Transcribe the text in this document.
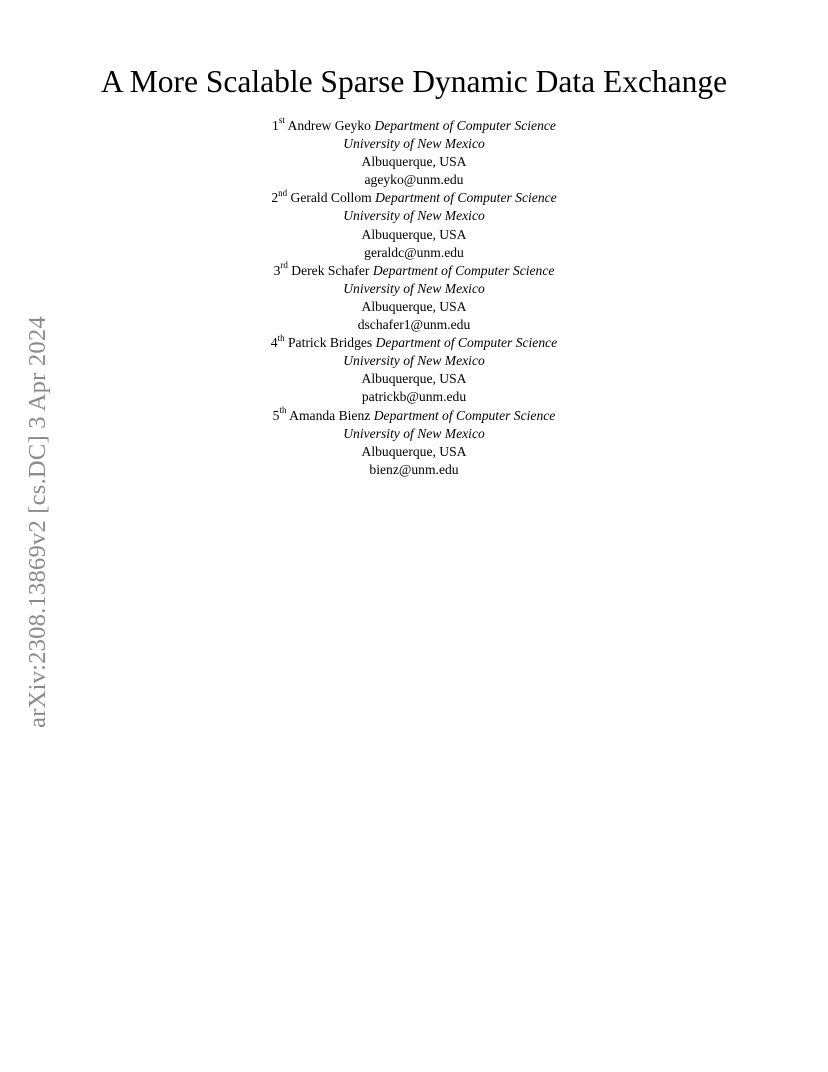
A More Scalable Sparse Dynamic Data Exchange
1st Andrew Geyko Department of Computer Science
University of New Mexico
Albuquerque, USA
ageyko@unm.edu
2nd Gerald Collom Department of Computer Science
University of New Mexico
Albuquerque, USA
geraldc@unm.edu
3rd Derek Schafer Department of Computer Science
University of New Mexico
Albuquerque, USA
dschafer1@unm.edu
4th Patrick Bridges Department of Computer Science
University of New Mexico
Albuquerque, USA
patrickb@unm.edu
5th Amanda Bienz Department of Computer Science
University of New Mexico
Albuquerque, USA
bienz@unm.edu
arXiv:2308.13869v2 [cs.DC] 3 Apr 2024
